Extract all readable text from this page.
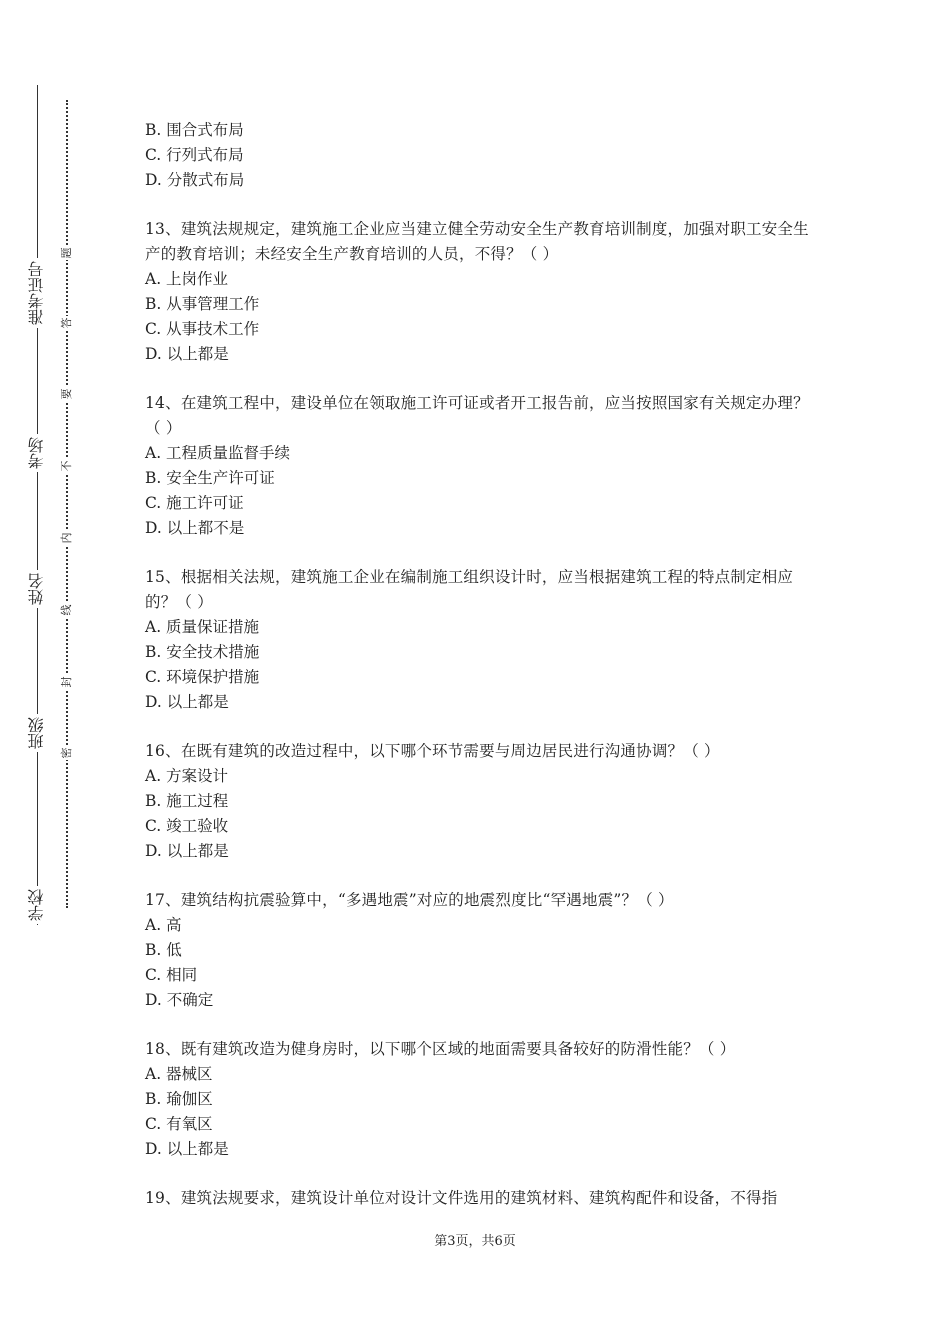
准考证号
考场
姓名
班级
学校
题
答
要
不
内
线
封
密
B. 围合式布局
C. 行列式布局
D. 分散式布局
13、建筑法规规定，建筑施工企业应当建立健全劳动安全生产教育培训制度，加强对职工安全生产的教育培训；未经安全生产教育培训的人员，不得？（ ）
A. 上岗作业
B. 从事管理工作
C. 从事技术工作
D. 以上都是
14、在建筑工程中，建设单位在领取施工许可证或者开工报告前，应当按照国家有关规定办理？（ ）
A. 工程质量监督手续
B. 安全生产许可证
C. 施工许可证
D. 以上都不是
15、根据相关法规，建筑施工企业在编制施工组织设计时，应当根据建筑工程的特点制定相应的？（ ）
A. 质量保证措施
B. 安全技术措施
C. 环境保护措施
D. 以上都是
16、在既有建筑的改造过程中，以下哪个环节需要与周边居民进行沟通协调？（ ）
A. 方案设计
B. 施工过程
C. 竣工验收
D. 以上都是
17、建筑结构抗震验算中，“多遇地震”对应的地震烈度比“罕遇地震”？（ ）
A. 高
B. 低
C. 相同
D. 不确定
18、既有建筑改造为健身房时，以下哪个区域的地面需要具备较好的防滑性能？（ ）
A. 器械区
B. 瑜伽区
C. 有氧区
D. 以上都是
19、建筑法规要求，建筑设计单位对设计文件选用的建筑材料、建筑构配件和设备，不得指
第3页，共6页
